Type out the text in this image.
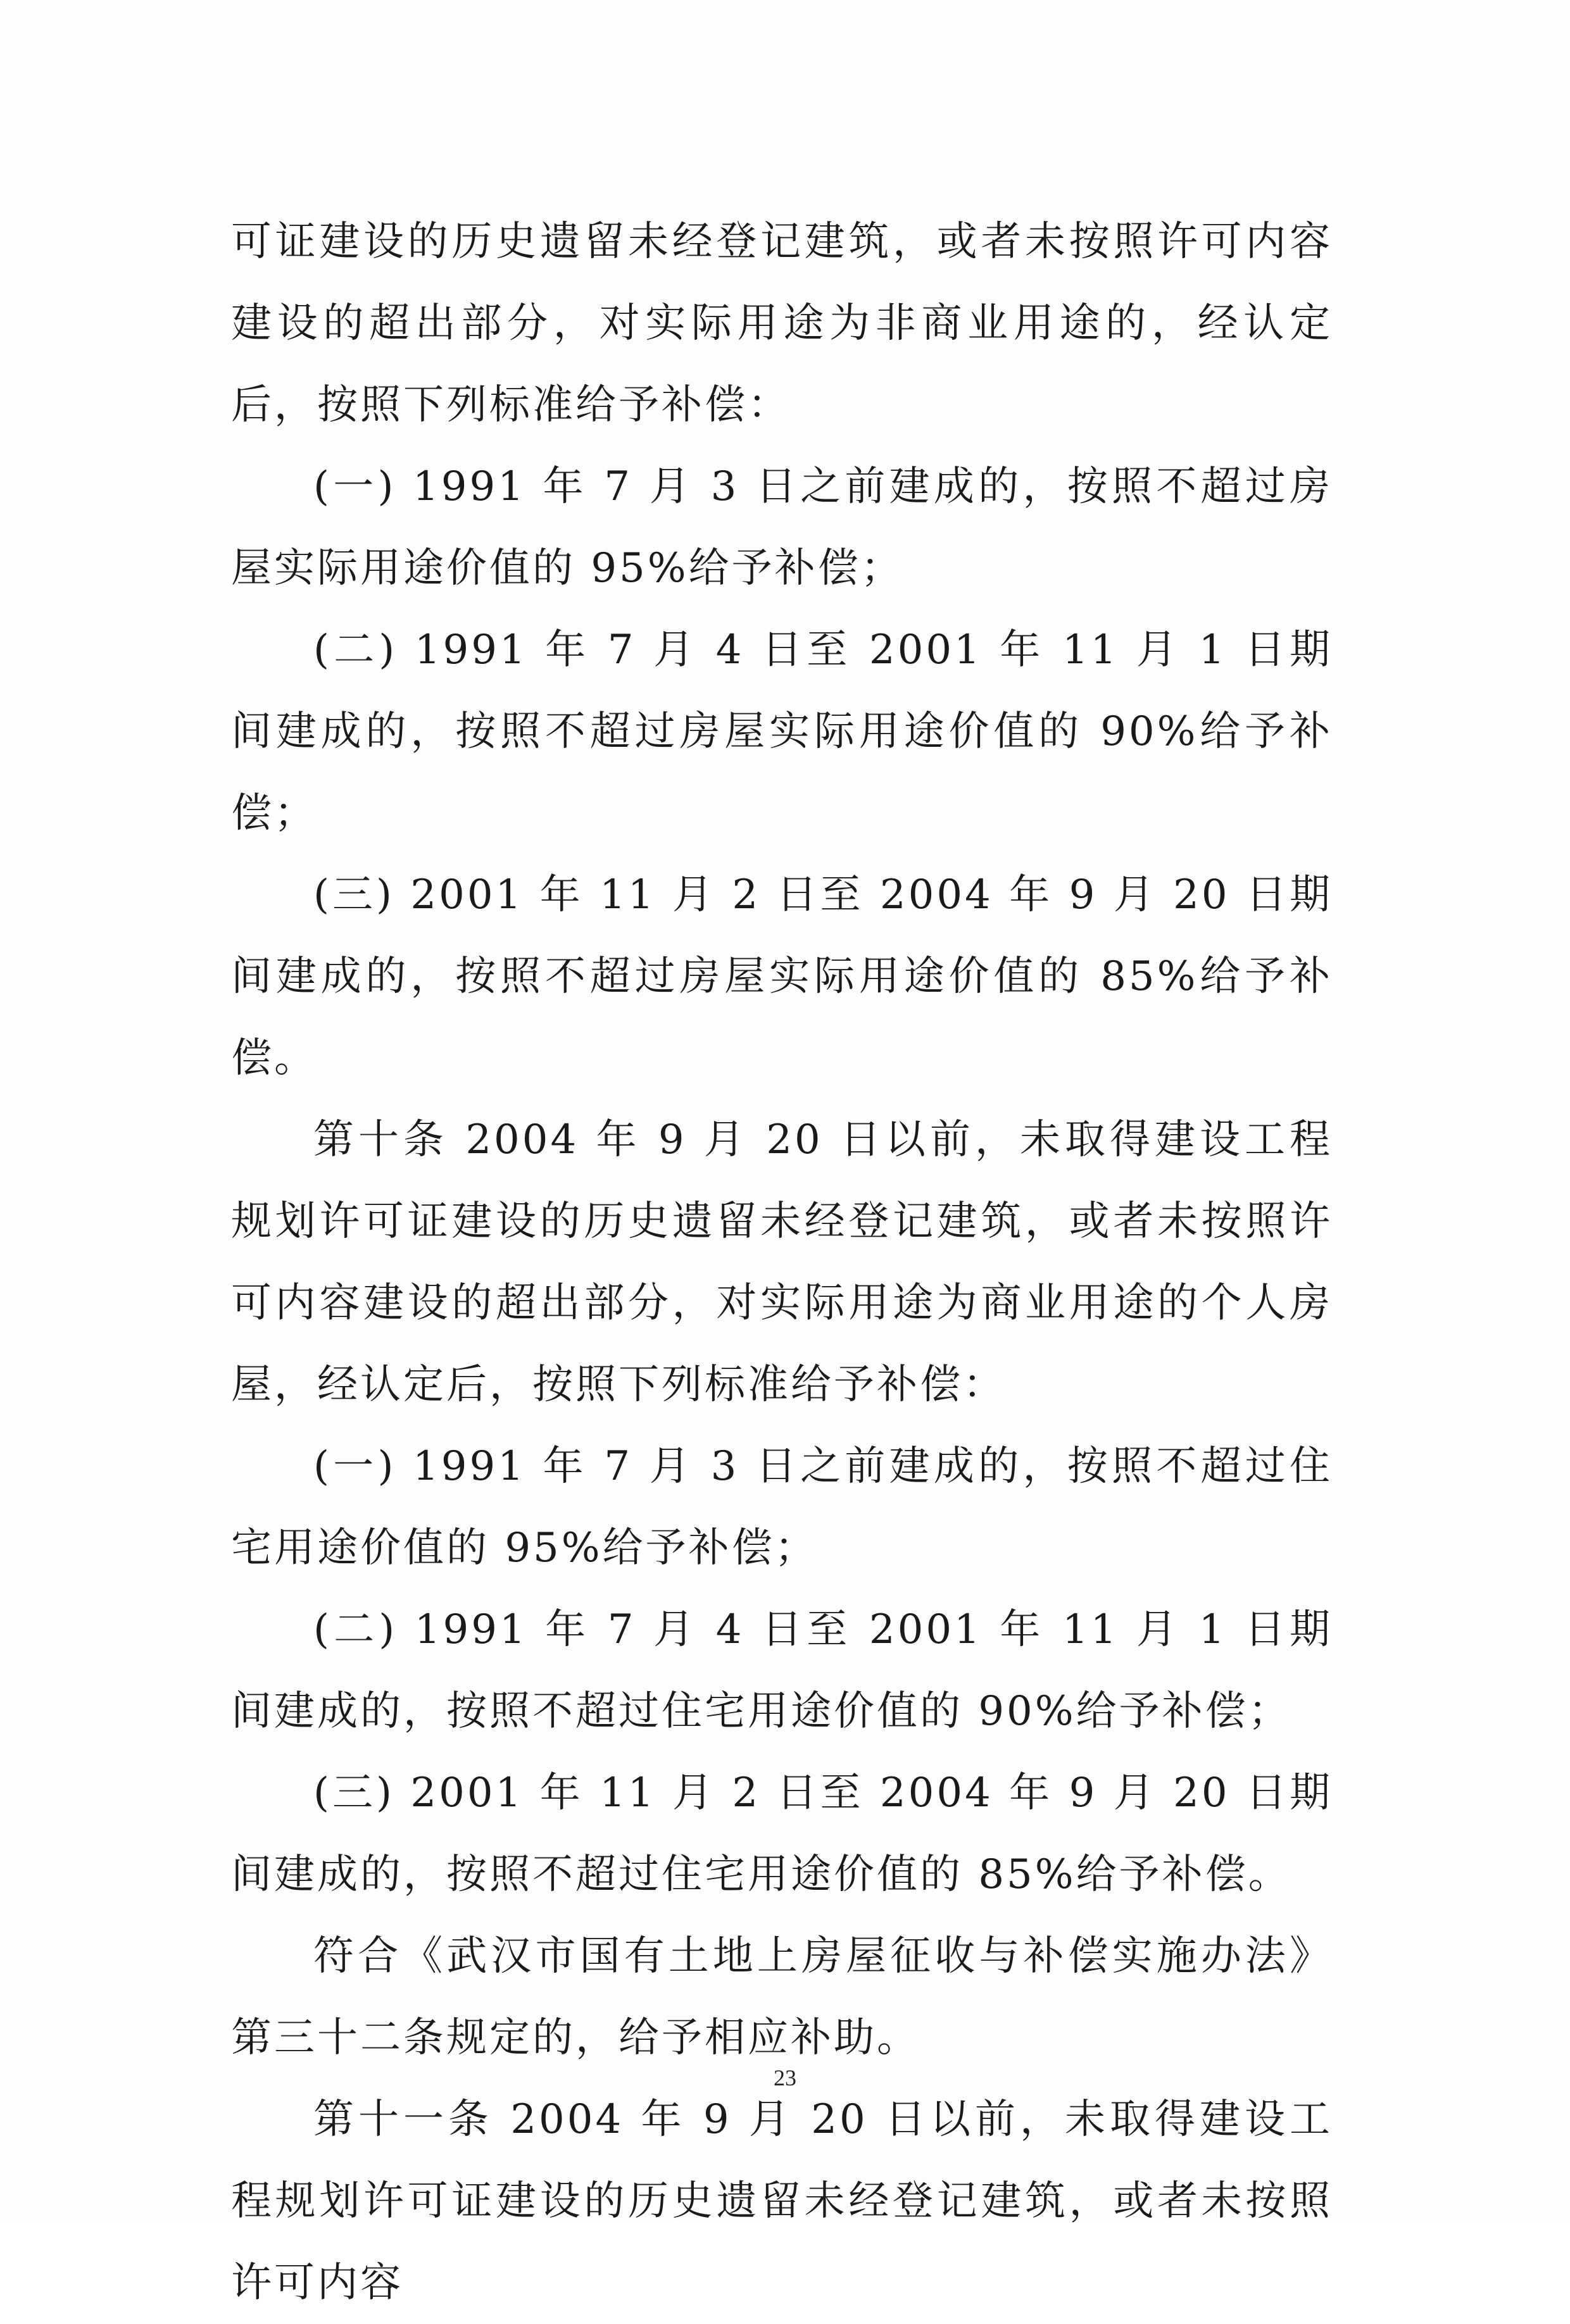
可证建设的历史遗留未经登记建筑，或者未按照许可内容建设的超出部分，对实际用途为非商业用途的，经认定后，按照下列标准给予补偿：

(一) 1991 年 7 月 3 日之前建成的，按照不超过房屋实际用途价值的 95%给予补偿；

(二) 1991 年 7 月 4 日至 2001 年 11 月 1 日期间建成的，按照不超过房屋实际用途价值的 90%给予补偿；

(三) 2001 年 11 月 2 日至 2004 年 9 月 20 日期间建成的，按照不超过房屋实际用途价值的 85%给予补偿。

第十条 2004 年 9 月 20 日以前，未取得建设工程规划许可证建设的历史遗留未经登记建筑，或者未按照许可内容建设的超出部分，对实际用途为商业用途的个人房屋，经认定后，按照下列标准给予补偿：

(一) 1991 年 7 月 3 日之前建成的，按照不超过住宅用途价值的 95%给予补偿；

(二) 1991 年 7 月 4 日至 2001 年 11 月 1 日期间建成的，按照不超过住宅用途价值的 90%给予补偿；

(三) 2001 年 11 月 2 日至 2004 年 9 月 20 日期间建成的，按照不超过住宅用途价值的 85%给予补偿。

符合《武汉市国有土地上房屋征收与补偿实施办法》第三十二条规定的，给予相应补助。

第十一条 2004 年 9 月 20 日以前，未取得建设工程规划许可证建设的历史遗留未经登记建筑，或者未按照许可内容

23
